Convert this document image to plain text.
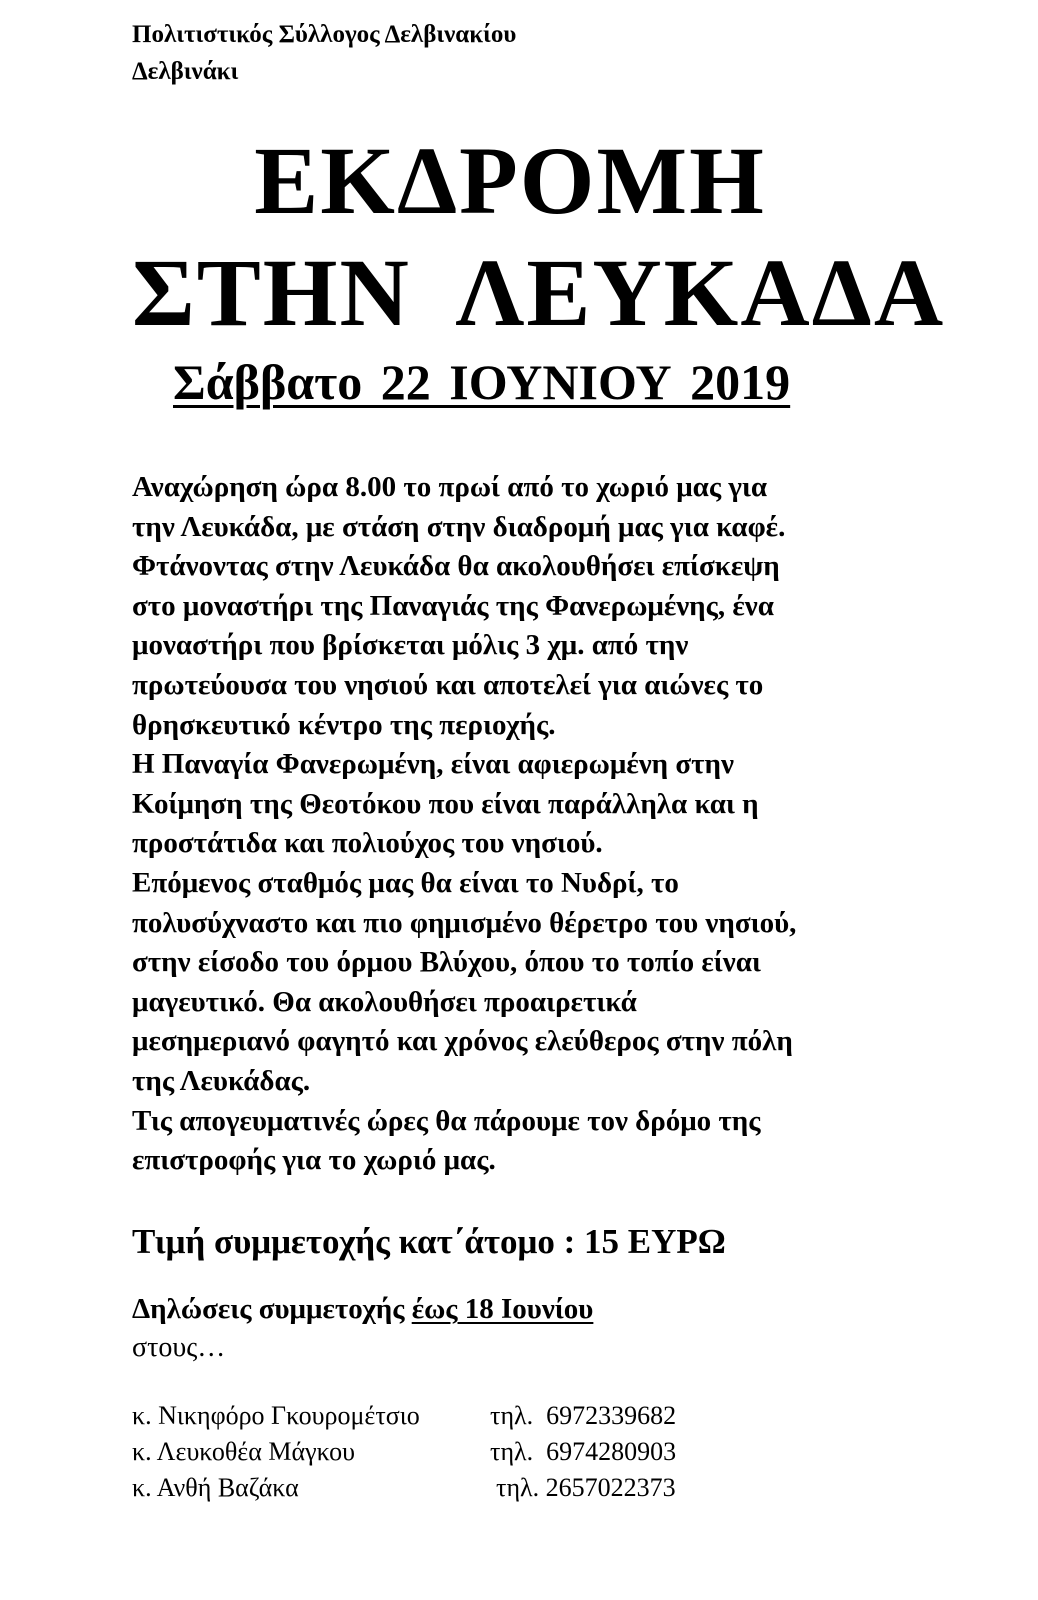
Πολιτιστικός Σύλλογος Δελβινακίου
Δελβινάκι
ΕΚΔΡΟΜΗ
ΣΤΗΝ ΛΕΥΚΑΔΑ
Σάββατο 22 ΙΟΥΝΙΟΥ 2019
Αναχώρηση ώρα 8.00 το πρωί από το χωριό μας για
την Λευκάδα, με στάση στην διαδρομή μας για καφέ.
Φτάνοντας στην Λευκάδα θα ακολουθήσει επίσκεψη
στο μοναστήρι της Παναγιάς της Φανερωμένης, ένα
μοναστήρι που βρίσκεται μόλις 3 χμ. από την
πρωτεύουσα του νησιού και αποτελεί για αιώνες το
θρησκευτικό κέντρο της περιοχής.
Η Παναγία Φανερωμένη, είναι αφιερωμένη στην
Κοίμηση της Θεοτόκου που είναι παράλληλα και η
προστάτιδα και πολιούχος του νησιού.
Επόμενος σταθμός μας θα είναι το Νυδρί, το
πολυσύχναστο και πιο φημισμένο θέρετρο του νησιού,
στην είσοδο του όρμου Βλύχου, όπου το τοπίο είναι
μαγευτικό. Θα ακολουθήσει προαιρετικά
μεσημεριανό φαγητό και χρόνος ελεύθερος στην πόλη
της Λευκάδας.
Τις απογευματινές ώρες θα πάρουμε τον δρόμο της
επιστροφής για το χωριό μας.
Τιμή συμμετοχής κατ΄άτομο : 15 ΕΥΡΩ
Δηλώσεις συμμετοχής έως 18 Ιουνίου
στους…
κ. Νικηφόρο Γκουρομέτσιο	τηλ. 6972339682
κ. Λευκοθέα Μάγκου	τηλ. 6974280903
κ. Ανθή Βαζάκα	τηλ. 2657022373
